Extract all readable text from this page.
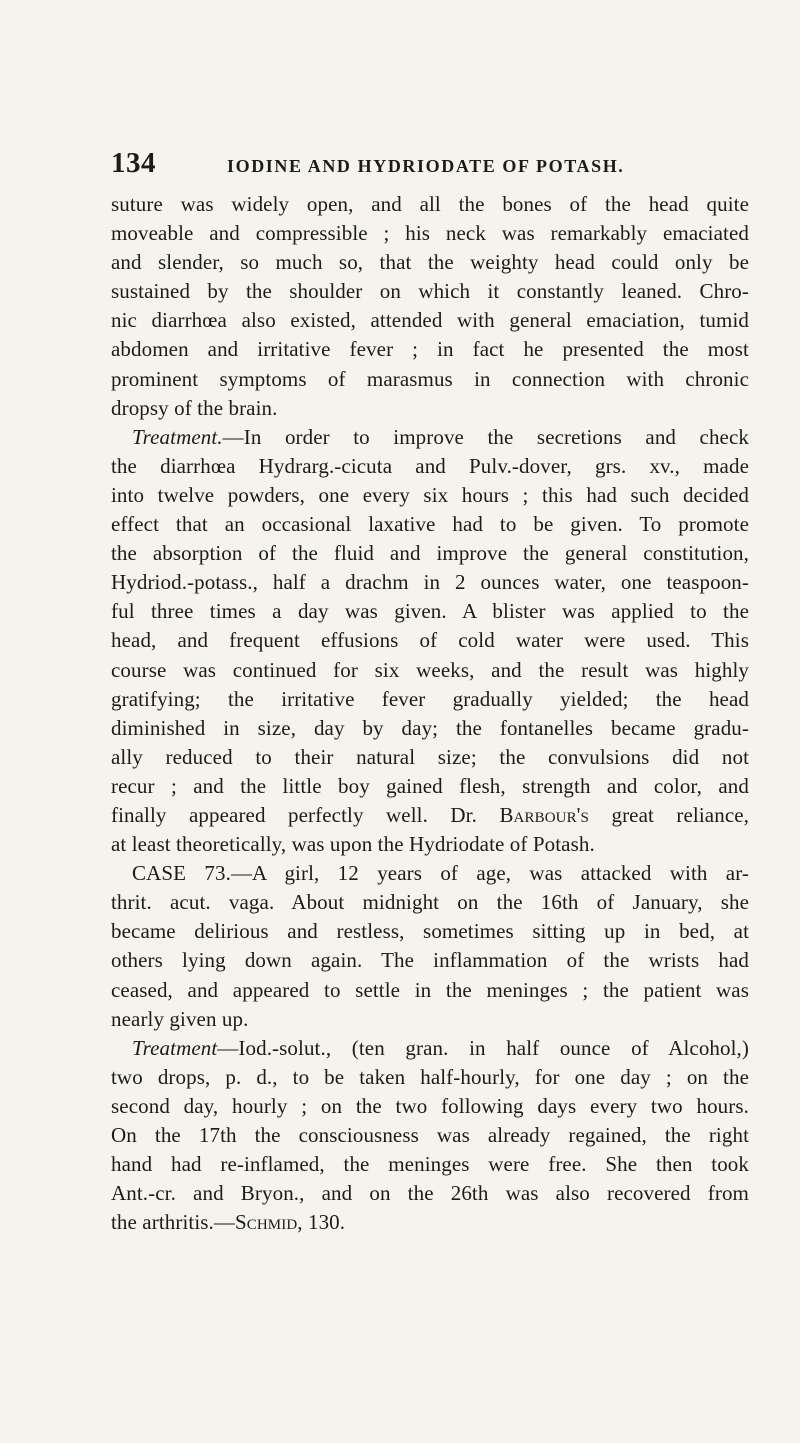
134	IODINE AND HYDRIODATE OF POTASH.
suture was widely open, and all the bones of the head quite
moveable and compressible ; his neck was remarkably emaciated
and slender, so much so, that the weighty head could only be
sustained by the shoulder on which it constantly leaned. Chro-
nic diarrhœa also existed, attended with general emaciation, tumid
abdomen and irritative fever ; in fact he presented the most
prominent symptoms of marasmus in connection with chronic
dropsy of the brain.
Treatment.—In order to improve the secretions and check
the diarrhœa Hydrarg.-cicuta and Pulv.-dover, grs. xv., made
into twelve powders, one every six hours ; this had such decided
effect that an occasional laxative had to be given. To promote
the absorption of the fluid and improve the general constitution,
Hydriod.-potass., half a drachm in 2 ounces water, one teaspoon-
ful three times a day was given. A blister was applied to the
head, and frequent effusions of cold water were used. This
course was continued for six weeks, and the result was highly
gratifying; the irritative fever gradually yielded; the head
diminished in size, day by day; the fontanelles became gradu-
ally reduced to their natural size; the convulsions did not
recur ; and the little boy gained flesh, strength and color, and
finally appeared perfectly well. Dr. Barbour's great reliance,
at least theoretically, was upon the Hydriodate of Potash.
CASE 73.—A girl, 12 years of age, was attacked with ar-
thrit. acut. vaga. About midnight on the 16th of January, she
became delirious and restless, sometimes sitting up in bed, at
others lying down again. The inflammation of the wrists had
ceased, and appeared to settle in the meninges ; the patient was
nearly given up.
Treatment—Iod.-solut., (ten gran. in half ounce of Alcohol,)
two drops, p. d., to be taken half-hourly, for one day ; on the
second day, hourly ; on the two following days every two hours.
On the 17th the consciousness was already regained, the right
hand had re-inflamed, the meninges were free. She then took
Ant.-cr. and Bryon., and on the 26th was also recovered from
the arthritis.—Schmid, 130.
